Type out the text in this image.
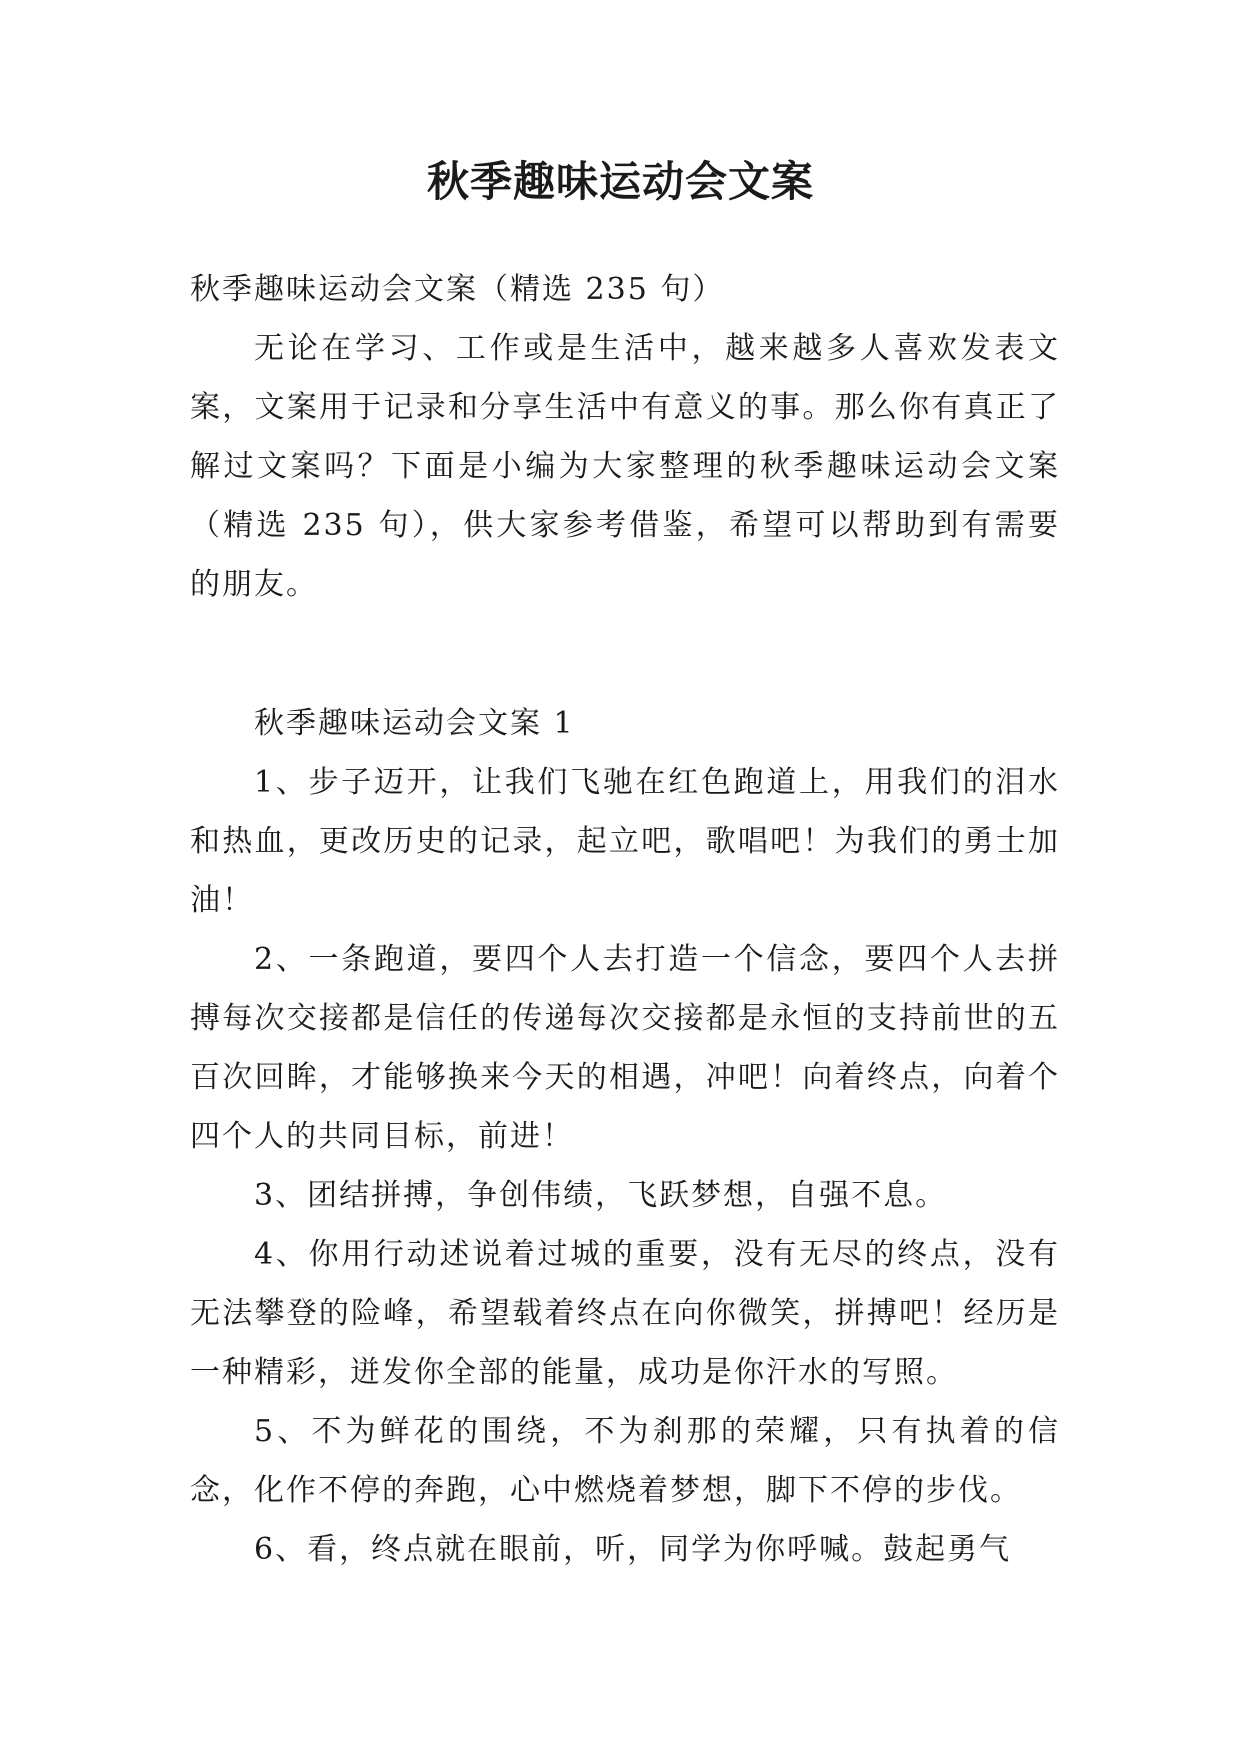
秋季趣味运动会文案

秋季趣味运动会文案（精选 235 句）

无论在学习、工作或是生活中，越来越多人喜欢发表文案，文案用于记录和分享生活中有意义的事。那么你有真正了解过文案吗？下面是小编为大家整理的秋季趣味运动会文案（精选 235 句），供大家参考借鉴，希望可以帮助到有需要的朋友。

秋季趣味运动会文案 1

1、步子迈开，让我们飞驰在红色跑道上，用我们的泪水和热血，更改历史的记录，起立吧，歌唱吧！为我们的勇士加油！

2、一条跑道，要四个人去打造一个信念，要四个人去拼搏每次交接都是信任的传递每次交接都是永恒的支持前世的五百次回眸，才能够换来今天的相遇，冲吧！向着终点，向着个四个人的共同目标，前进！

3、团结拼搏，争创伟绩，飞跃梦想，自强不息。

4、你用行动述说着过城的重要，没有无尽的终点，没有无法攀登的险峰，希望载着终点在向你微笑，拼搏吧！经历是一种精彩，迸发你全部的能量，成功是你汗水的写照。

5、不为鲜花的围绕，不为刹那的荣耀，只有执着的信念，化作不停的奔跑，心中燃烧着梦想，脚下不停的步伐。

6、看，终点就在眼前，听，同学为你呼喊。鼓起勇气
